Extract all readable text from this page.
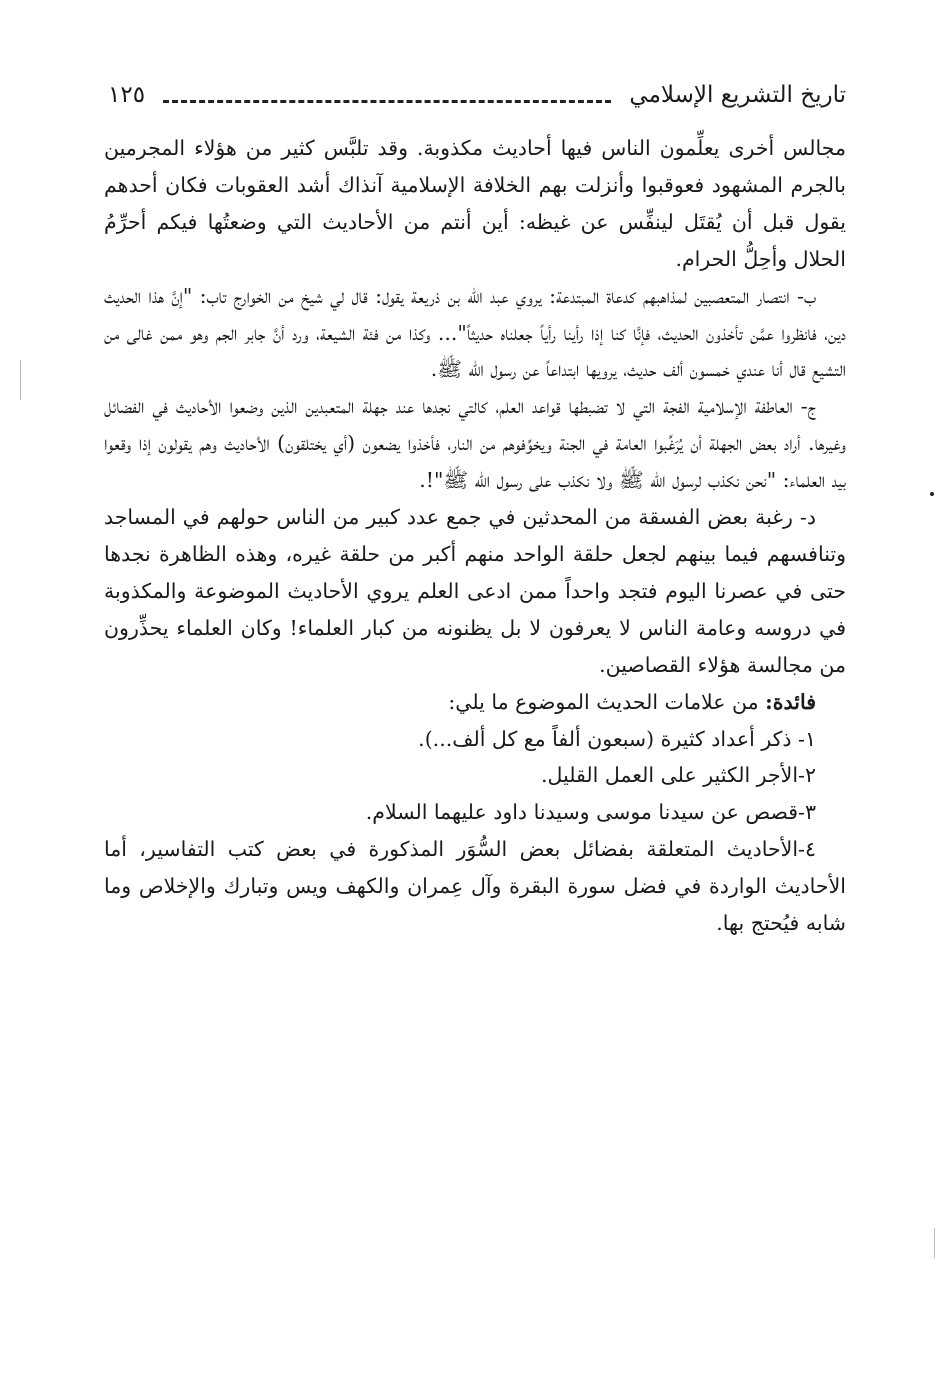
تاريخ التشريع الإسلامي
١٢٥

مجالس أخرى يعلِّمون الناس فيها أحاديث مكذوبة. وقد تلبَّس كثير من هؤلاء المجرمين بالجرم المشهود فعوقبوا وأنزلت بهم الخلافة الإسلامية آنذاك أشد العقوبات فكان أحدهم يقول قبل أن يُقتَل لينفِّس عن غيظه: أين أنتم من الأحاديث التي وضعتُها فيكم أحرِّمُ الحلال وأحِلُّ الحرام.

ب- انتصار المتعصبين لمذاهبهم كدعاة المبتدعة: يروي عبد الله بن ذريعة يقول: قال لي شيخ من الخوارج تاب: "إنَّ هذا الحديث دين، فانظروا عمَّن تأخذون الحديث، فإنَّا كنا إذا رأينا رأياً جعلناه حديثاً"... وكذا من فئة الشيعة، ورد أنَّ جابر الجم وهو ممن غالى من التشيع قال أنا عندي خمسون ألف حديث، يرويها ابتداعاً عن رسول الله ﷺ.

ج- العاطفة الإسلامية الفجة التي لا تضبطها قواعد العلم، كالتي نجدها عند جهلة المتعبدين الذين وضعوا الأحاديث في الفضائل وغيرها. أراد بعض الجهلة أن يُرَغِّبوا العامة في الجنة ويخوِّفوهم من النار، فأخذوا يضعون (أي يختلقون) الأحاديث وهم يقولون إذا وقعوا بيد العلماء: "نحن نكذب لرسول الله ﷺ ولا نكذب على رسول الله ﷺ"!.

د- رغبة بعض الفسقة من المحدثين في جمع عدد كبير من الناس حولهم في المساجد وتنافسهم فيما بينهم لجعل حلقة الواحد منهم أكبر من حلقة غيره، وهذه الظاهرة نجدها حتى في عصرنا اليوم فتجد واحداً ممن ادعى العلم يروي الأحاديث الموضوعة والمكذوبة في دروسه وعامة الناس لا يعرفون لا بل يظنونه من كبار العلماء! وكان العلماء يحذِّرون من مجالسة هؤلاء القصاصين.

فائدة: من علامات الحديث الموضوع ما يلي:

١- ذكر أعداد كثيرة (سبعون ألفاً مع كل ألف...).

٢-الأجر الكثير على العمل القليل.

٣-قصص عن سيدنا موسى وسيدنا داود عليهما السلام.

٤-الأحاديث المتعلقة بفضائل بعض السُّوَر المذكورة في بعض كتب التفاسير، أما الأحاديث الواردة في فضل سورة البقرة وآل عِمران والكهف ويس وتبارك والإخلاص وما شابه فيُحتج بها.
